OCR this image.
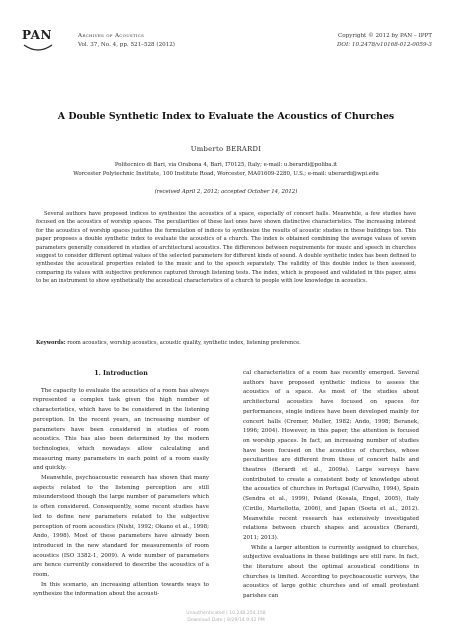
PAN	Archives of Acoustics
Vol. 37, No. 4, pp. 521–528 (2012)
Copyright © 2012 by PAN – IPPT
DOI: 10.2478/v10168-012-0059-3
A Double Synthetic Index to Evaluate the Acoustics of Churches
Umberto BERARDI
Politecnico di Bari, via Orabona 4, Bari, I70125, Italy; e-mail: u.berardi@poliba.it
Worcester Polytechnic Institute, 100 Institute Road, Worcester, MA01609-2280, U.S.; e-mail: uberardi@wpi.edu
(received April 2, 2012; accepted October 14, 2012)

Several authors have proposed indices to synthesize the acoustics of a space, especially of concert halls. Meanwhile, a few studies have focused on the acoustics of worship spaces. The peculiarities of these last ones have shown distinctive characteristics. The increasing interest for the acoustics of worship spaces justifies the formulation of indices to synthesize the results of acoustic studies in these buildings too. This paper proposes a double synthetic index to evaluate the acoustics of a church. The index is obtained combining the average values of seven parameters generally considered in studies of architectural acoustics. The differences between requirements for music and speech in churches suggest to consider different optimal values of the selected parameters for different kinds of sound. A double synthetic index has been defined to synthesize the acoustical properties related to the music and to the speech separately. The validity of this double index is then assessed, comparing its values with subjective preference captured through listening tests. The index, which is proposed and validated in this paper, aims to be an instrument to show synthetically the acoustical characteristics of a church to people with low knowledge in acoustics.

Keywords: room acoustics, worship acoustics, acoustic quality, synthetic index, listening preference.
1. Introduction

The capacity to evaluate the acoustics of a room has always represented a complex task given the high number of characteristics, which have to be considered in the listening perception. In the recent years, an increasing number of parameters have been considered in studies of room acoustics. This has also been determined by the modern technologies, which nowadays allow calculating and measuring many parameters in each point of a room easily and quickly.

Meanwhile, psychoacoustic research has shown that many aspects related to the listening perception are still misunderstood though the large number of parameters which is often considered. Consequently, some recent studies have led to define new parameters related to the subjective perception of room acoustics (Nishi, 1992; Okano et al., 1998; Ando, 1998). Most of these parameters have already been introduced in the new standard for measurements of room acoustics (ISO 3382-1, 2009). A wide number of parameters are hence currently considered to describe the acoustics of a room.

In this scenario, an increasing attention towards ways to synthesize the information about the acousti-

cal characteristics of a room has recently emerged. Several authors have proposed synthetic indices to assess the acoustics of a space. As most of the studies about architectural acoustics have focused on spaces for performances, single indices have been developed mainly for concert halls (Cremer, Muller, 1982; Ando, 1998; Beranek, 1996; 2004). However, in this paper, the attention is focused on worship spaces. In fact, an increasing number of studies have been focused on the acoustics of churches, whose peculiarities are different from those of concert halls and theatres (Berardi et al., 2009a). Large surveys have contributed to create a consistent body of knowledge about the acoustics of churches in Portugal (Carvalho, 1994), Spain (Sendra et al., 1999), Poland (Kosala, Engel, 2005), Italy (Cirillo, Martellotta, 2006), and Japan (Soeta et al., 2012). Meanwhile recent research has extensively investigated relations between church shapes and acoustics (Berardi, 2011; 2013).

While a larger attention is currently assigned to churches, subjective evaluations in these buildings are still rare. In fact, the literature about the optimal acoustical conditions in churches is limited. According to psychoacoustic surveys, the acoustics of large gothic churches and of small protestant parishes can

Unauthenticated | 10.248.254.158
Download Date | 8/29/14 9:42 PM
